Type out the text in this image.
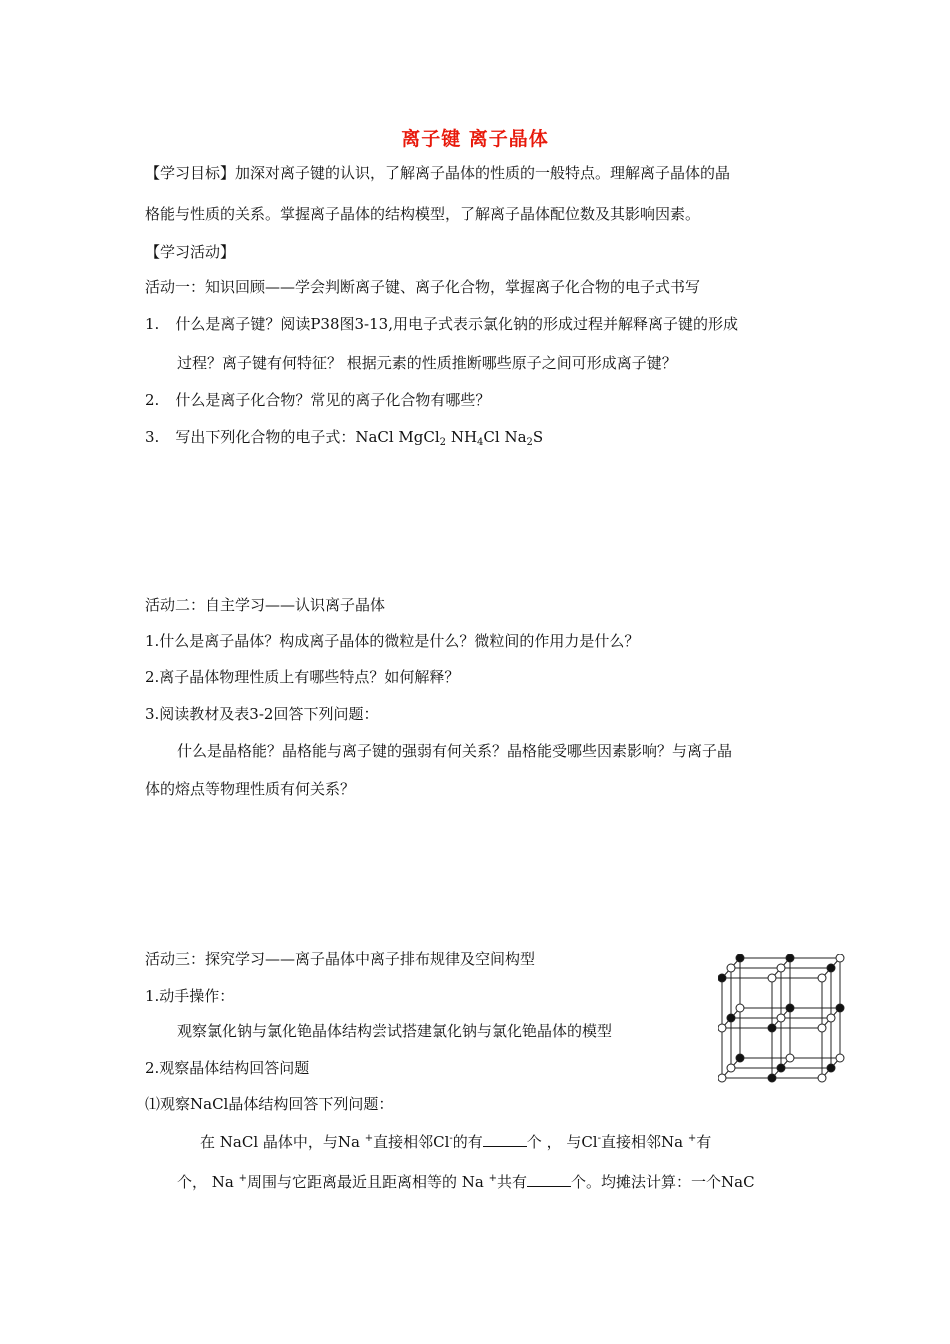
离子键 离子晶体
【学习目标】加深对离子键的认识，了解离子晶体的性质的一般特点。理解离子晶体的晶
格能与性质的关系。掌握离子晶体的结构模型，了解离子晶体配位数及其影响因素。
【学习活动】
活动一：知识回顾——学会判断离子键、离子化合物，掌握离子化合物的电子式书写
1. 什么是离子键？阅读P38图3-13,用电子式表示氯化钠的形成过程并解释离子键的形成
过程？离子键有何特征？ 根据元素的性质推断哪些原子之间可形成离子键？
2. 什么是离子化合物？常见的离子化合物有哪些？
3. 写出下列化合物的电子式：NaCl MgCl$_2$ $NH_4Cl$ $Na_2S$
活动二：自主学习——认识离子晶体
1.什么是离子晶体？构成离子晶体的微粒是什么？微粒间的作用力是什么？
2.离子晶体物理性质上有哪些特点？如何解释？
3.阅读教材及表3-2回答下列问题：
什么是晶格能？晶格能与离子键的强弱有何关系？晶格能受哪些因素影响？与离子晶
体的熔点等物理性质有何关系？
活动三：探究学习——离子晶体中离子排布规律及空间构型
1.动手操作：
观察氯化钠与氯化铯晶体结构尝试搭建氯化钠与氯化铯晶体的模型
2.观察晶体结构回答问题
⑴观察NaCl晶体结构回答下列问题：
在 NaCl 晶体中，与Na +直接相邻Cl-的有	个 ， 与Cl-直接相邻Na +有
个， Na +周围与它距离最近且距离相等的 Na +共有	个。均摊法计算：一个NaC
